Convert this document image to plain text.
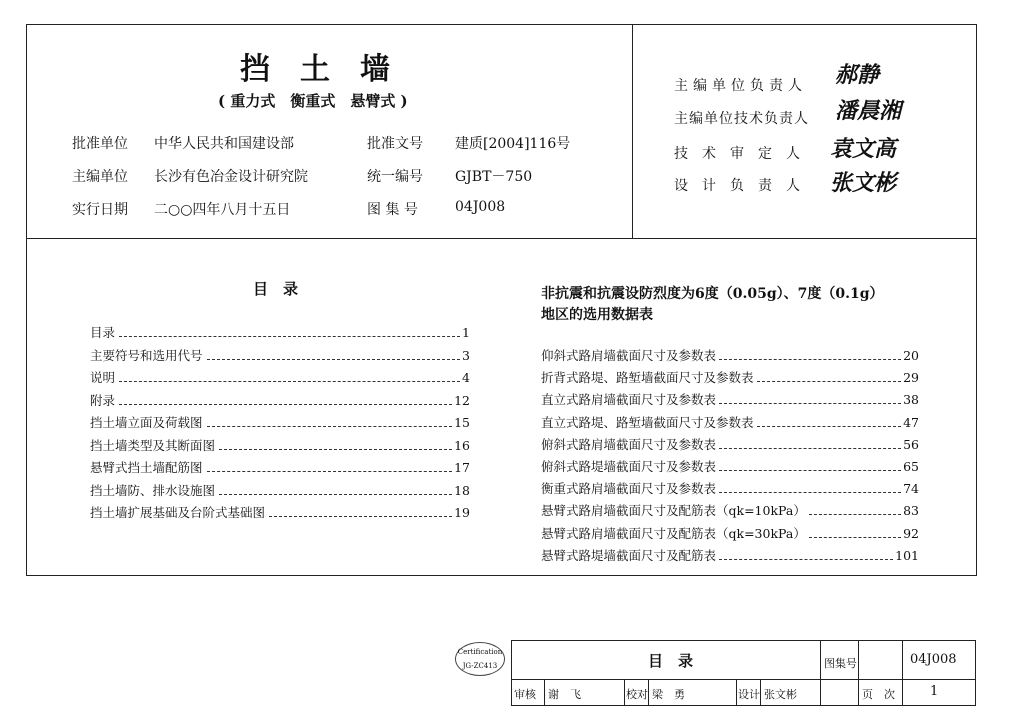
挡土墙
( 重力式　衡重式　悬臂式 )
批准单位 中华人民共和国建设部	批准文号 建质[2004]116号
主编单位 长沙有色冶金设计研究院	统一编号 GJBT－750
实行日期 二○○四年八月十五日	图 集 号	04J008
主编单位负责人 郝静
主编单位技术负责人 潘晨湘
技术审定人 袁文高
设计负责人 张文彬
目　录
目录	1
主要符号和选用代号	3
说明	4
附录	12
挡土墙立面及荷载图	15
挡土墙类型及其断面图	16
悬臂式挡土墙配筋图	17
挡土墙防、排水设施图	18
挡土墙扩展基础及台阶式基础图	19
非抗震和抗震设防烈度为6度（0.05g）、7度（0.1g）
地区的选用数据表
仰斜式路肩墙截面尺寸及参数表	20
折背式路堤、路堑墙截面尺寸及参数表	29
直立式路肩墙截面尺寸及参数表	38
直立式路堤、路堑墙截面尺寸及参数表	47
俯斜式路肩墙截面尺寸及参数表	56
俯斜式路堤墙截面尺寸及参数表	65
衡重式路肩墙截面尺寸及参数表	74
悬臂式路肩墙截面尺寸及配筋表（qk=10kPa）	83
悬臂式路肩墙截面尺寸及配筋表（qk=30kPa）	92
悬臂式路堤墙截面尺寸及配筋表	101
Certification
JG-ZC413	目　录	图集号	04J008
审核 谢　飞	校对 梁　勇	设计 张文彬	页　次	1
